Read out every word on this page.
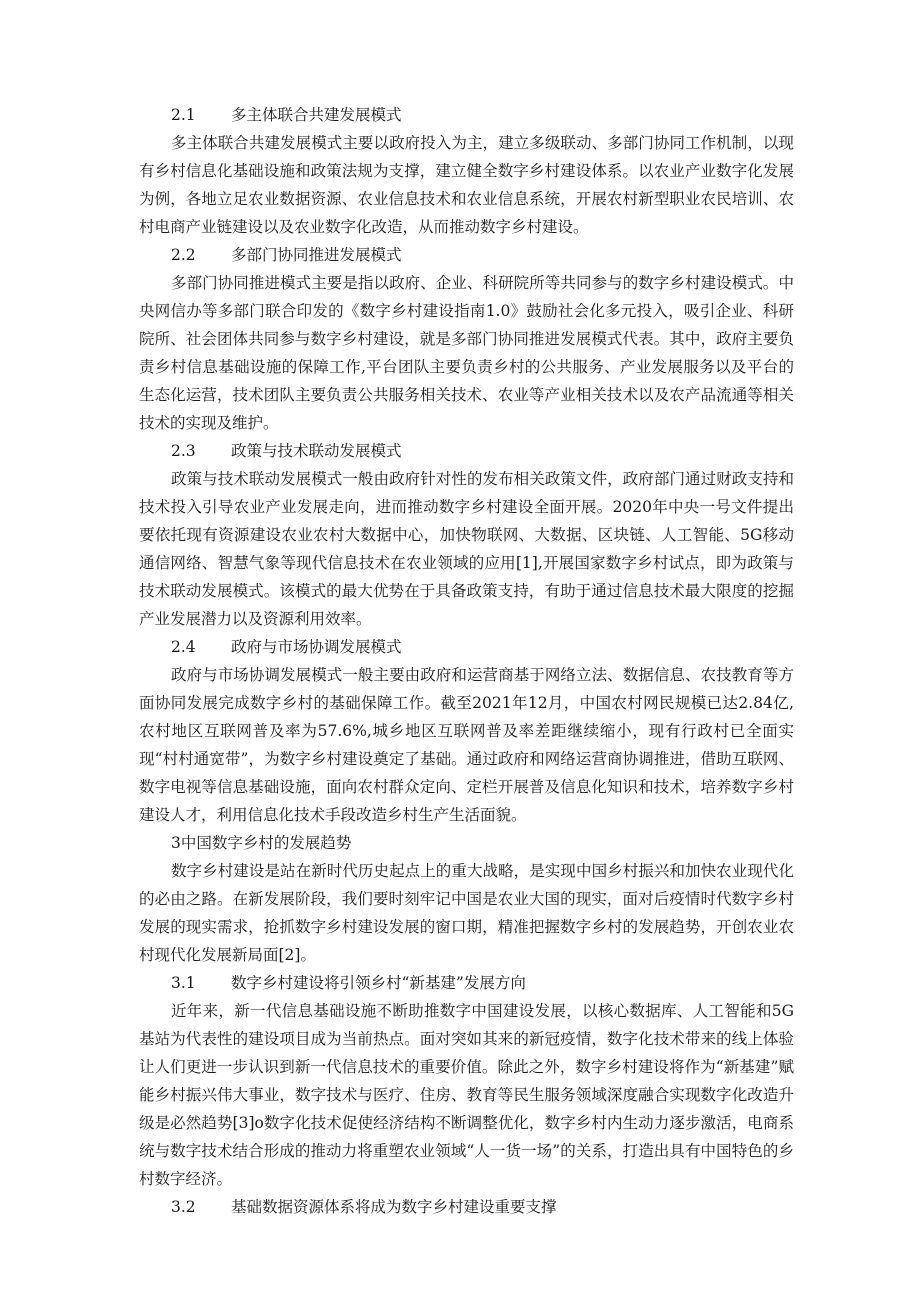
2.1 多主体联合共建发展模式

多主体联合共建发展模式主要以政府投入为主，建立多级联动、多部门协同工作机制，以现有乡村信息化基础设施和政策法规为支撑，建立健全数字乡村建设体系。以农业产业数字化发展为例，各地立足农业数据资源、农业信息技术和农业信息系统，开展农村新型职业农民培训、农村电商产业链建设以及农业数字化改造，从而推动数字乡村建设。

2.2 多部门协同推进发展模式

多部门协同推进模式主要是指以政府、企业、科研院所等共同参与的数字乡村建设模式。中央网信办等多部门联合印发的《数字乡村建设指南1.0》鼓励社会化多元投入，吸引企业、科研院所、社会团体共同参与数字乡村建设，就是多部门协同推进发展模式代表。其中，政府主要负责乡村信息基础设施的保障工作,平台团队主要负责乡村的公共服务、产业发展服务以及平台的生态化运营，技术团队主要负责公共服务相关技术、农业等产业相关技术以及农产品流通等相关技术的实现及维护。

2.3 政策与技术联动发展模式

政策与技术联动发展模式一般由政府针对性的发布相关政策文件，政府部门通过财政支持和技术投入引导农业产业发展走向，进而推动数字乡村建设全面开展。2020年中央一号文件提出要依托现有资源建设农业农村大数据中心，加快物联网、大数据、区块链、人工智能、5G移动通信网络、智慧气象等现代信息技术在农业领域的应用[1],开展国家数字乡村试点，即为政策与技术联动发展模式。该模式的最大优势在于具备政策支持，有助于通过信息技术最大限度的挖掘产业发展潜力以及资源利用效率。

2.4 政府与市场协调发展模式

政府与市场协调发展模式一般主要由政府和运营商基于网络立法、数据信息、农技教育等方面协同发展完成数字乡村的基础保障工作。截至2021年12月，中国农村网民规模已达2.84亿,农村地区互联网普及率为57.6%,城乡地区互联网普及率差距继续缩小，现有行政村已全面实现“村村通宽带”，为数字乡村建设奠定了基础。通过政府和网络运营商协调推进，借助互联网、数字电视等信息基础设施，面向农村群众定向、定栏开展普及信息化知识和技术，培养数字乡村建设人才，利用信息化技术手段改造乡村生产生活面貌。

3中国数字乡村的发展趋势

数字乡村建设是站在新时代历史起点上的重大战略，是实现中国乡村振兴和加快农业现代化的必由之路。在新发展阶段，我们要时刻牢记中国是农业大国的现实，面对后疫情时代数字乡村发展的现实需求，抢抓数字乡村建设发展的窗口期，精准把握数字乡村的发展趋势，开创农业农村现代化发展新局面[2]。

3.1 数字乡村建设将引领乡村“新基建”发展方向

近年来，新一代信息基础设施不断助推数字中国建设发展，以核心数据库、人工智能和5G基站为代表性的建设项目成为当前热点。面对突如其来的新冠疫情，数字化技术带来的线上体验让人们更进一步认识到新一代信息技术的重要价值。除此之外，数字乡村建设将作为“新基建”赋能乡村振兴伟大事业，数字技术与医疗、住房、教育等民生服务领域深度融合实现数字化改造升级是必然趋势[3]o数字化技术促使经济结构不断调整优化，数字乡村内生动力逐步激活，电商系统与数字技术结合形成的推动力将重塑农业领域“人一货一场”的关系，打造出具有中国特色的乡村数字经济。

3.2 基础数据资源体系将成为数字乡村建设重要支撑
